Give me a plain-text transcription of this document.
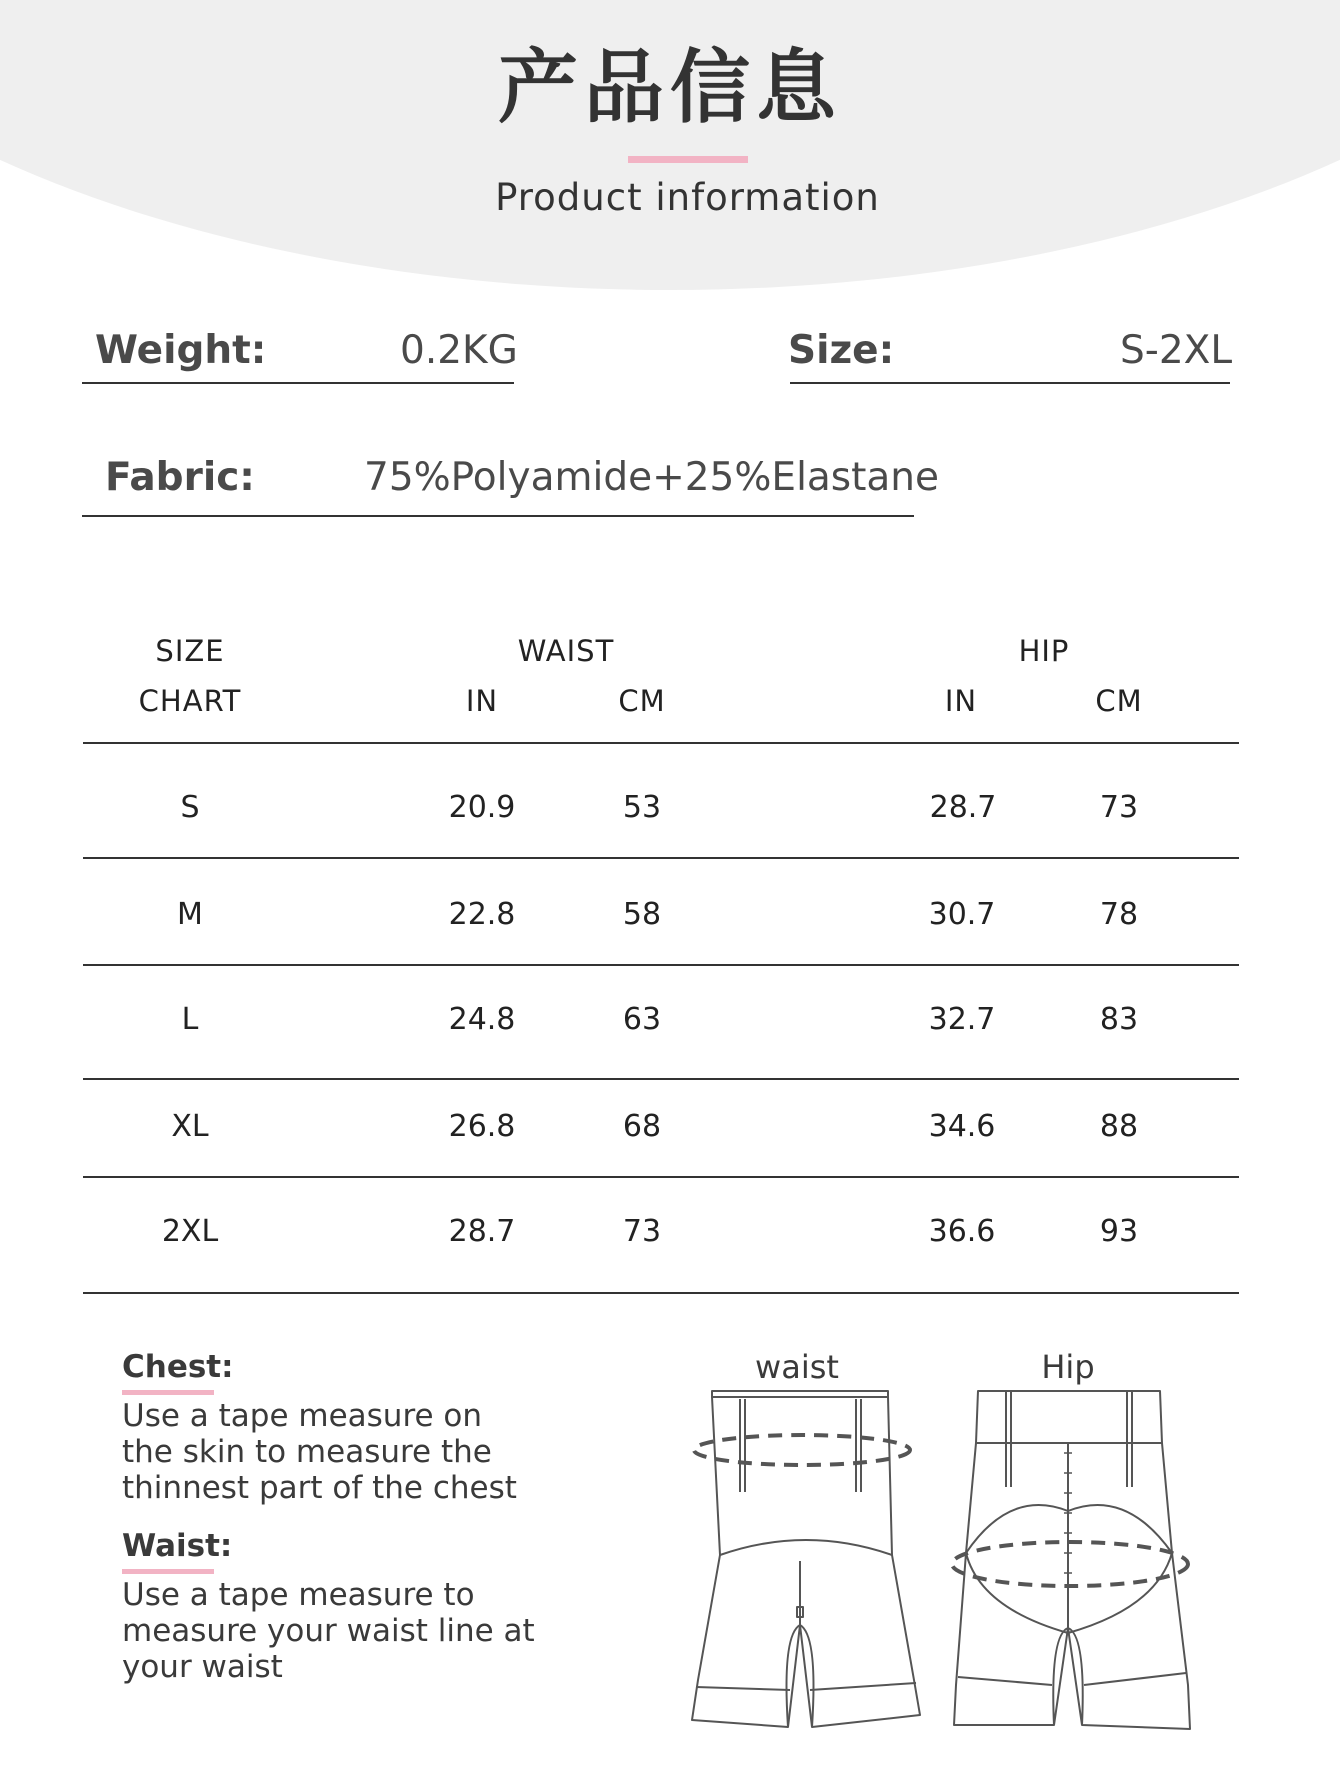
产品信息
Product information
Weight:	0.2KG	Size:	S-2XL
Fabric:	75%Polyamide+25%Elastane
SIZE
CHART
WAIST	HIP
IN	CM	IN	CM
S	20.9	53	28.7	73
M	22.8	58	30.7	78
L	24.8	63	32.7	83
XL	26.8	68	34.6	88
2XL	28.7	73	36.6	93
Chest:
Use a tape measure on the skin to measure the thinnest part of the chest
Waist:
Use a tape measure to measure your waist line at your waist
waist	Hip
